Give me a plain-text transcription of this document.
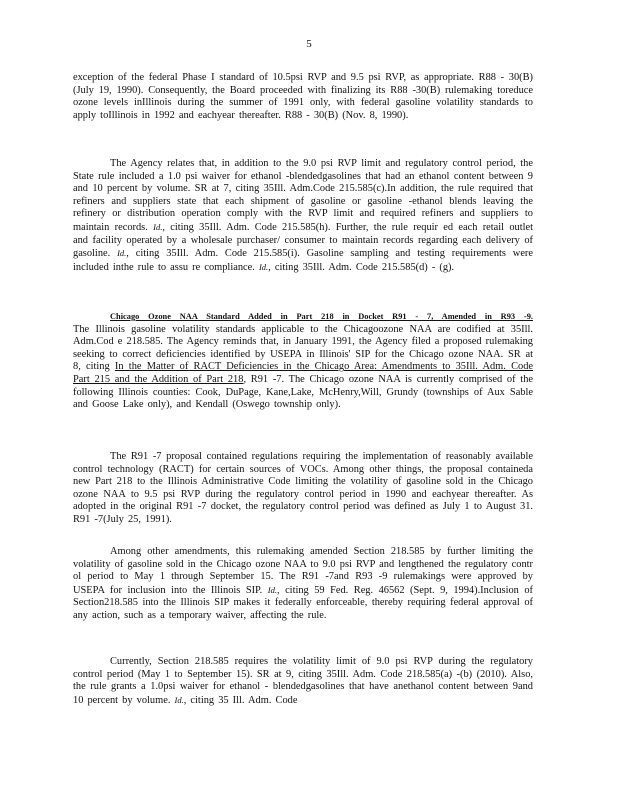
5

exception of the federal Phase I standard of 10.5psi RVP and 9.5 psi RVP, as appropriate. R88 - 30(B) (July 19, 1990). Consequently, the Board proceeded with finalizing its R88 -30(B) rulemaking toreduce ozone levels inIllinois during the summer of 1991 only, with federal gasoline volatility standards to apply toIllinois in 1992 and eachyear thereafter. R88 - 30(B) (Nov. 8, 1990).

The Agency relates that, in addition to the 9.0 psi RVP limit and regulatory control period, the State rule included a 1.0 psi waiver for ethanol -blendedgasolines that had an ethanol content between 9 and 10 percent by volume. SR at 7, citing 35Ill. Adm.Code 215.585(c).In addition, the rule required that refiners and suppliers state that each shipment of gasoline or gasoline -ethanol blends leaving the refinery or distribution operation comply with the RVP limit and required refiners and suppliers to maintain records. Id., citing 35Ill. Adm. Code 215.585(h). Further, the rule requir ed each retail outlet and facility operated by a wholesale purchaser/ consumer to maintain records regarding each delivery of gasoline. Id., citing 35Ill. Adm. Code 215.585(i). Gasoline sampling and testing requirements were included inthe rule to assu re compliance. Id., citing 35Ill. Adm. Code 215.585(d) - (g).

Chicago Ozone NAA Standard Added in Part 218 in Docket R91 - 7, Amended in R93 -9. The Illinois gasoline volatility standards applicable to the Chicagoozone NAA are codified at 35Ill. Adm.Cod e 218.585. The Agency reminds that, in January 1991, the Agency filed a proposed rulemaking seeking to correct deficiencies identified by USEPA in Illinois' SIP for the Chicago ozone NAA. SR at 8, citing In the Matter of RACT Deficiencies in the Chicago Area: Amendments to 35Ill. Adm. Code Part 215 and the Addition of Part 218, R91 -7. The Chicago ozone NAA is currently comprised of the following Illinois counties: Cook, DuPage, Kane,Lake, McHenry,Will, Grundy (townships of Aux Sable and Goose Lake only), and Kendall (Oswego township only).

The R91 -7 proposal contained regulations requiring the implementation of reasonably available control technology (RACT) for certain sources of VOCs. Among other things, the proposal containeda new Part 218 to the Illinois Administrative Code limiting the volatility of gasoline sold in the Chicago ozone NAA to 9.5 psi RVP during the regulatory control period in 1990 and eachyear thereafter. As adopted in the original R91 -7 docket, the regulatory control period was defined as July 1 to August 31. R91 -7(July 25, 1991).

Among other amendments, this rulemaking amended Section 218.585 by further limiting the volatility of gasoline sold in the Chicago ozone NAA to 9.0 psi RVP and lengthened the regulatory contr ol period to May 1 through September 15. The R91 -7and R93 -9 rulemakings were approved by USEPA for inclusion into the Illinois SIP. Id., citing 59 Fed. Reg. 46562 (Sept. 9, 1994).Inclusion of Section218.585 into the Illinois SIP makes it federally enforceable, thereby requiring federal approval of any action, such as a temporary waiver, affecting the rule.

Currently, Section 218.585 requires the volatility limit of 9.0 psi RVP during the regulatory control period (May 1 to September 15). SR at 9, citing 35Ill. Adm. Code 218.585(a) -(b) (2010). Also, the rule grants a 1.0psi waiver for ethanol - blendedgasolines that have anethanol content between 9and 10 percent by volume. Id., citing 35 Ill. Adm. Code
